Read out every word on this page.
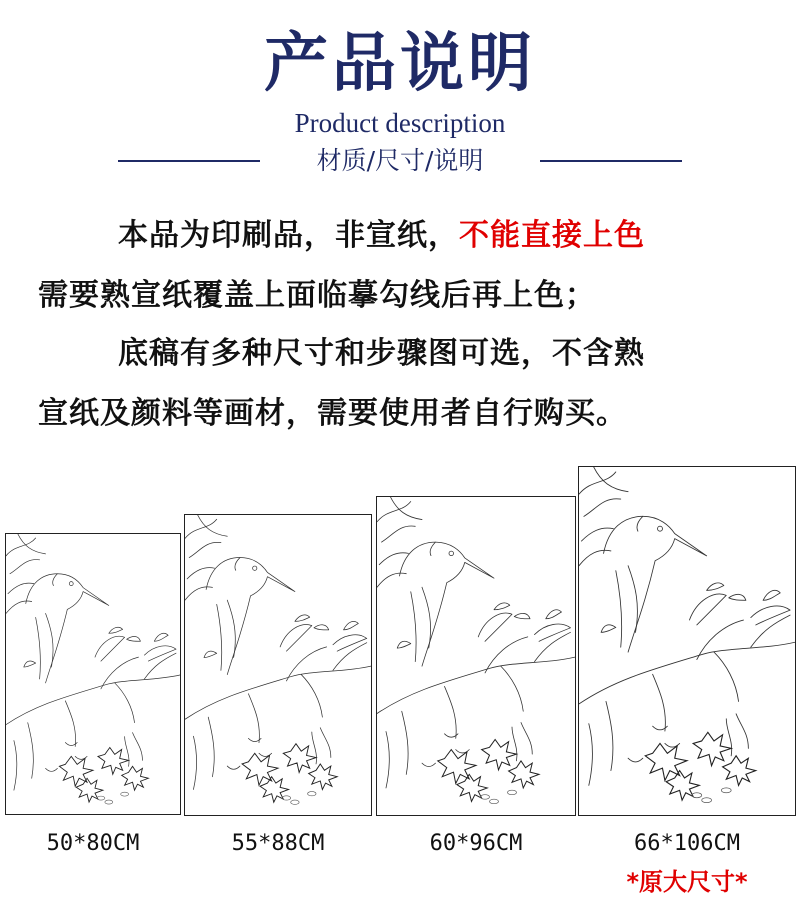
产品说明
Product description
材质/尺寸/说明
本品为印刷品，非宣纸，不能直接上色
需要熟宣纸覆盖上面临摹勾线后再上色；
底稿有多种尺寸和步骤图可选，不含熟
宣纸及颜料等画材，需要使用者自行购买。
50*80CM	55*88CM	60*96CM	66*106CM
*原大尺寸*
